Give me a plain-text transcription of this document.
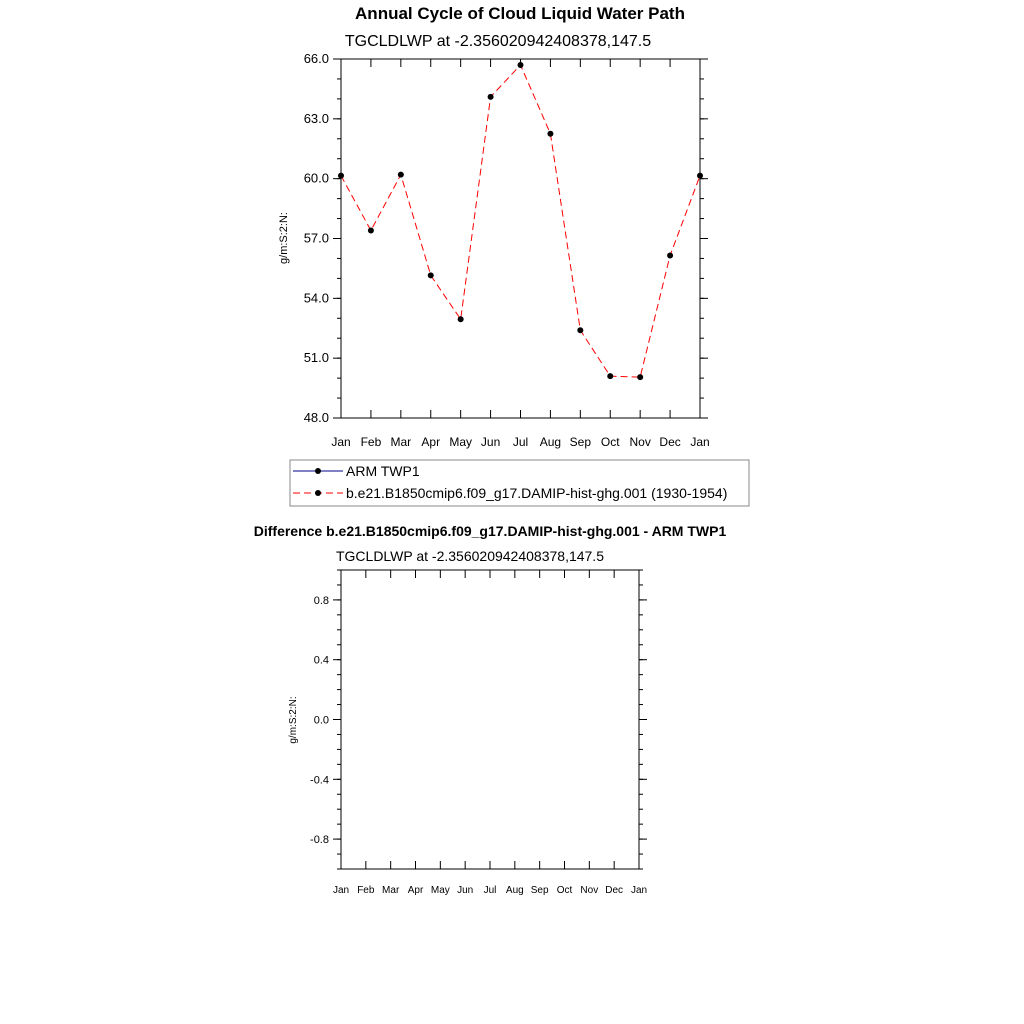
Annual Cycle of Cloud Liquid Water Path
TGCLDLWP at -2.356020942408378,147.5
g/m:S:2:N:
Jan Feb Mar Apr May Jun Jul Aug Sep Oct Nov Dec Jan
48.0
51.0
54.0
57.0
60.0
63.0
66.0
ARM TWP1
b.e21.B1850cmip6.f09_g17.DAMIP-hist-ghg.001 (1930-1954)
Difference b.e21.B1850cmip6.f09_g17.DAMIP-hist-ghg.001 - ARM TWP1
TGCLDLWP at -2.356020942408378,147.5
g/m:S:2:N:
Jan Feb Mar Apr May Jun Jul Aug Sep Oct Nov Dec Jan
-0.8
-0.4
0.0
0.4
0.8
